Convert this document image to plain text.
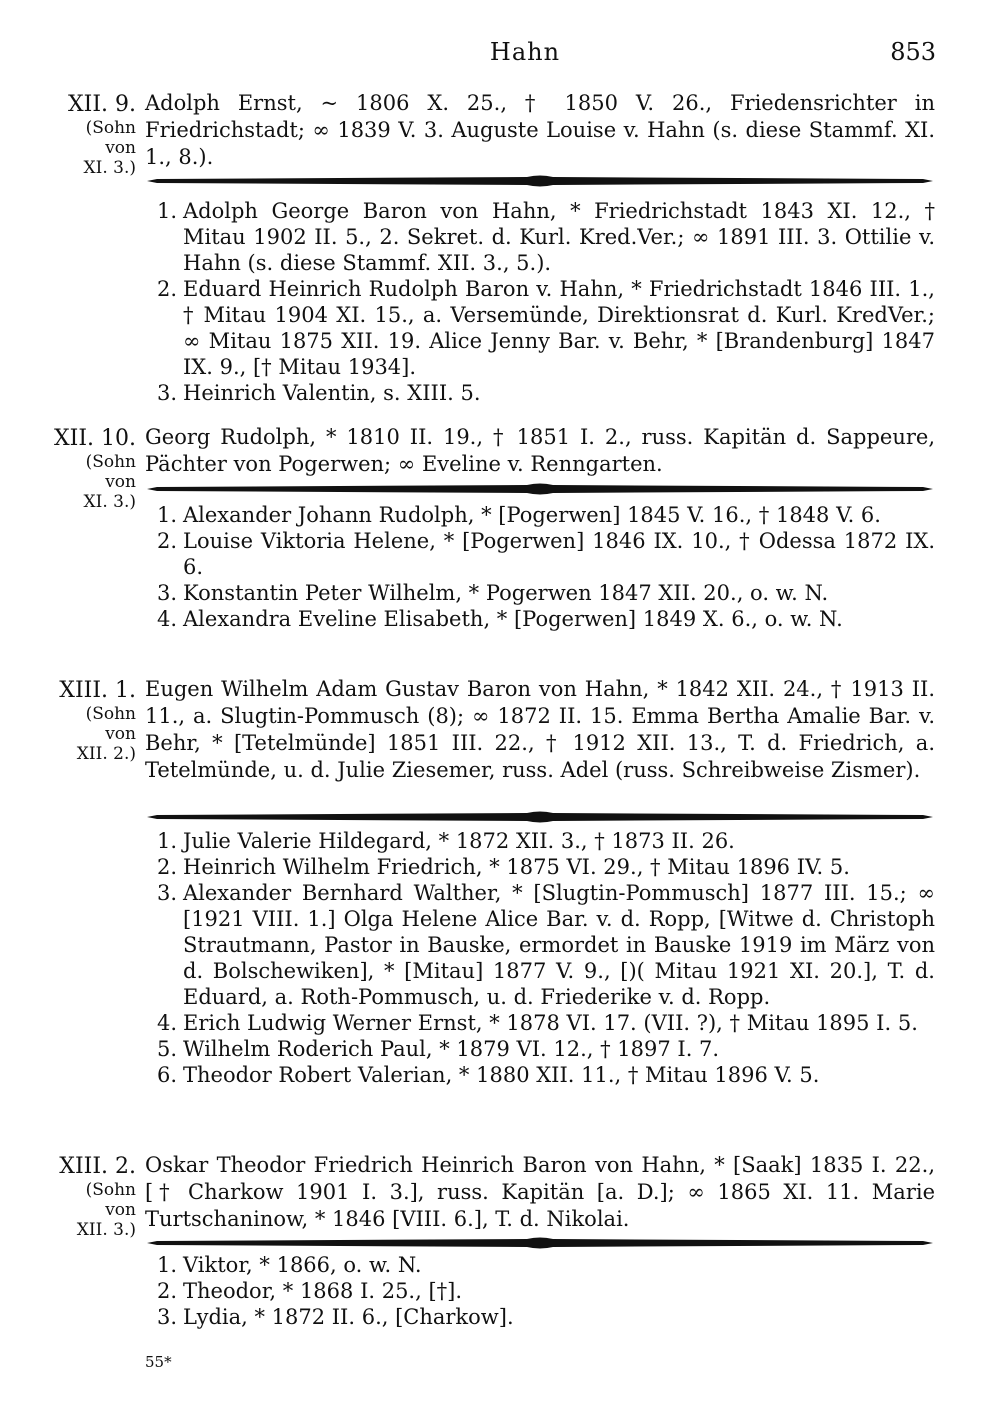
Hahn	853
XII. 9.
(Sohn
von
XI. 3.)
Adolph Ernst, ~ 1806 X. 25., † 1850 V. 26., Friedensrichter in Friedrichstadt; ∞ 1839 V. 3. Auguste Louise v. Hahn (s. diese Stammf. XI. 1., 8.).
1. Adolph George Baron von Hahn, * Friedrichstadt 1843 XI. 12., † Mitau 1902 II. 5., 2. Sekret. d. Kurl. Kred.Ver.; ∞ 1891 III. 3. Ottilie v. Hahn (s. diese Stammf. XII. 3., 5.).
2. Eduard Heinrich Rudolph Baron v. Hahn, * Friedrichstadt 1846 III. 1., † Mitau 1904 XI. 15., a. Versemünde, Direktionsrat d. Kurl. KredVer.; ∞ Mitau 1875 XII. 19. Alice Jenny Bar. v. Behr, * [Brandenburg] 1847 IX. 9., [† Mitau 1934].
3. Heinrich Valentin, s. XIII. 5.
XII. 10.
(Sohn
von
XI. 3.)
Georg Rudolph, * 1810 II. 19., † 1851 I. 2., russ. Kapitän d. Sappeure, Pächter von Pogerwen; ∞ Eveline v. Renngarten.
1. Alexander Johann Rudolph, * [Pogerwen] 1845 V. 16., † 1848 V. 6.
2. Louise Viktoria Helene, * [Pogerwen] 1846 IX. 10., † Odessa 1872 IX. 6.
3. Konstantin Peter Wilhelm, * Pogerwen 1847 XII. 20., o. w. N.
4. Alexandra Eveline Elisabeth, * [Pogerwen] 1849 X. 6., o. w. N.
XIII. 1.
(Sohn
von
XII. 2.)
Eugen Wilhelm Adam Gustav Baron von Hahn, * 1842 XII. 24., † 1913 II. 11., a. Slugtin-Pommusch (8); ∞ 1872 II. 15. Emma Bertha Amalie Bar. v. Behr, * [Tetelmünde] 1851 III. 22., † 1912 XII. 13., T. d. Friedrich, a. Tetelmünde, u. d. Julie Ziesemer, russ. Adel (russ. Schreibweise Zismer).
1. Julie Valerie Hildegard, * 1872 XII. 3., † 1873 II. 26.
2. Heinrich Wilhelm Friedrich, * 1875 VI. 29., † Mitau 1896 IV. 5.
3. Alexander Bernhard Walther, * [Slugtin-Pommusch] 1877 III. 15.; ∞ [1921 VIII. 1.] Olga Helene Alice Bar. v. d. Ropp, [Witwe d. Christoph Strautmann, Pastor in Bauske, ermordet in Bauske 1919 im März von d. Bolschewiken], * [Mitau] 1877 V. 9., [)( Mitau 1921 XI. 20.], T. d. Eduard, a. Roth-Pommusch, u. d. Friederike v. d. Ropp.
4. Erich Ludwig Werner Ernst, * 1878 VI. 17. (VII. ?), † Mitau 1895 I. 5.
5. Wilhelm Roderich Paul, * 1879 VI. 12., † 1897 I. 7.
6. Theodor Robert Valerian, * 1880 XII. 11., † Mitau 1896 V. 5.
XIII. 2.
(Sohn
von
XII. 3.)
Oskar Theodor Friedrich Heinrich Baron von Hahn, * [Saak] 1835 I. 22., [† Charkow 1901 I. 3.], russ. Kapitän [a. D.]; ∞ 1865 XI. 11. Marie Turtschaninow, * 1846 [VIII. 6.], T. d. Nikolai.
1. Viktor, * 1866, o. w. N.
2. Theodor, * 1868 I. 25., [†].
3. Lydia, * 1872 II. 6., [Charkow].
55*
